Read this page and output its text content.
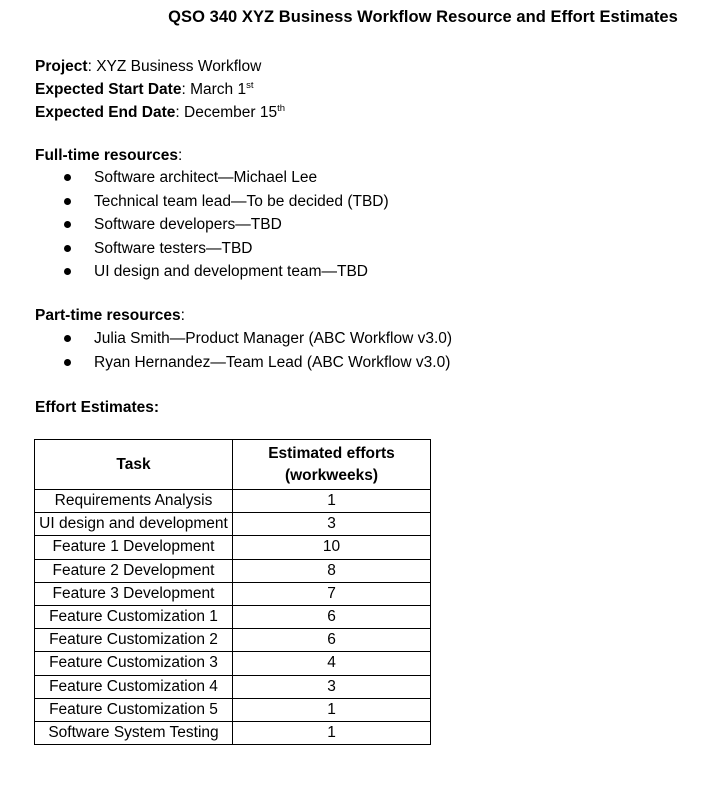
QSO 340 XYZ Business Workflow Resource and Effort Estimates
Project: XYZ Business Workflow
Expected Start Date: March 1st
Expected End Date: December 15th
Full-time resources:
Software architect—Michael Lee
Technical team lead—To be decided (TBD)
Software developers—TBD
Software testers—TBD
UI design and development team—TBD
Part-time resources:
Julia Smith—Product Manager (ABC Workflow v3.0)
Ryan Hernandez—Team Lead (ABC Workflow v3.0)
Effort Estimates:
Task	Estimated efforts
(workweeks)

Requirements Analysis	1
UI design and development	3
Feature 1 Development	10
Feature 2 Development	8
Feature 3 Development	7
Feature Customization 1	6
Feature Customization 2	6
Feature Customization 3	4
Feature Customization 4	3
Feature Customization 5	1
Software System Testing	1
